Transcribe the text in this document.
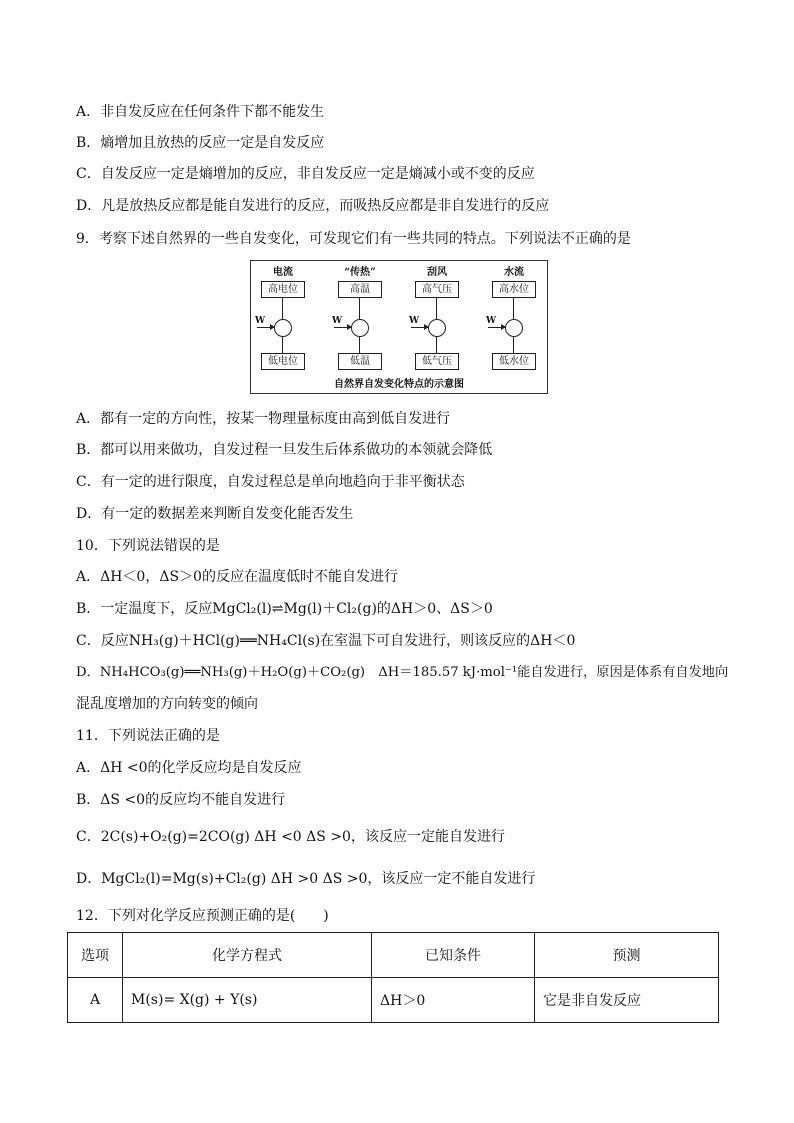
A．非自发反应在任何条件下都不能发生
B．熵增加且放热的反应一定是自发反应
C．自发反应一定是熵增加的反应，非自发反应一定是熵减小或不变的反应
D．凡是放热反应都是能自发进行的反应，而吸热反应都是非自发进行的反应
9．考察下述自然界的一些自发变化，可发现它们有一些共同的特点。下列说法不正确的是
电流
高电位
W
低电位
“传热”
高温
W
低温
刮风
高气压
W
低气压
水流
高水位
W
低水位
自然界自发变化特点的示意图
A．都有一定的方向性，按某一物理量标度由高到低自发进行
B．都可以用来做功，自发过程一旦发生后体系做功的本领就会降低
C．有一定的进行限度，自发过程总是单向地趋向于非平衡状态
D．有一定的数据差来判断自发变化能否发生
10．下列说法错误的是
A．ΔH＜0，ΔS＞0的反应在温度低时不能自发进行
B．一定温度下，反应MgCl₂(l)⇌Mg(l)＋Cl₂(g)的ΔH＞0、ΔS＞0
C．反应NH₃(g)＋HCl(g)══NH₄Cl(s)在室温下可自发进行，则该反应的ΔH＜0
D．NH₄HCO₃(g)══NH₃(g)＋H₂O(g)＋CO₂(g)　ΔH＝185.57 kJ·mol⁻¹能自发进行，原因是体系有自发地向
混乱度增加的方向转变的倾向
11．下列说法正确的是
A．ΔH <0的化学反应均是自发反应
B．ΔS <0的反应均不能自发进行
C．2C(s)+O₂(g)=2CO(g) ΔH <0 ΔS >0，该反应一定能自发进行
D．MgCl₂(l)=Mg(s)+Cl₂(g) ΔH >0 ΔS >0，该反应一定不能自发进行
12．下列对化学反应预测正确的是(　　)
选项	化学方程式	已知条件	预测
A	M(s)= X(g) + Y(s)	ΔH＞0	它是非自发反应
